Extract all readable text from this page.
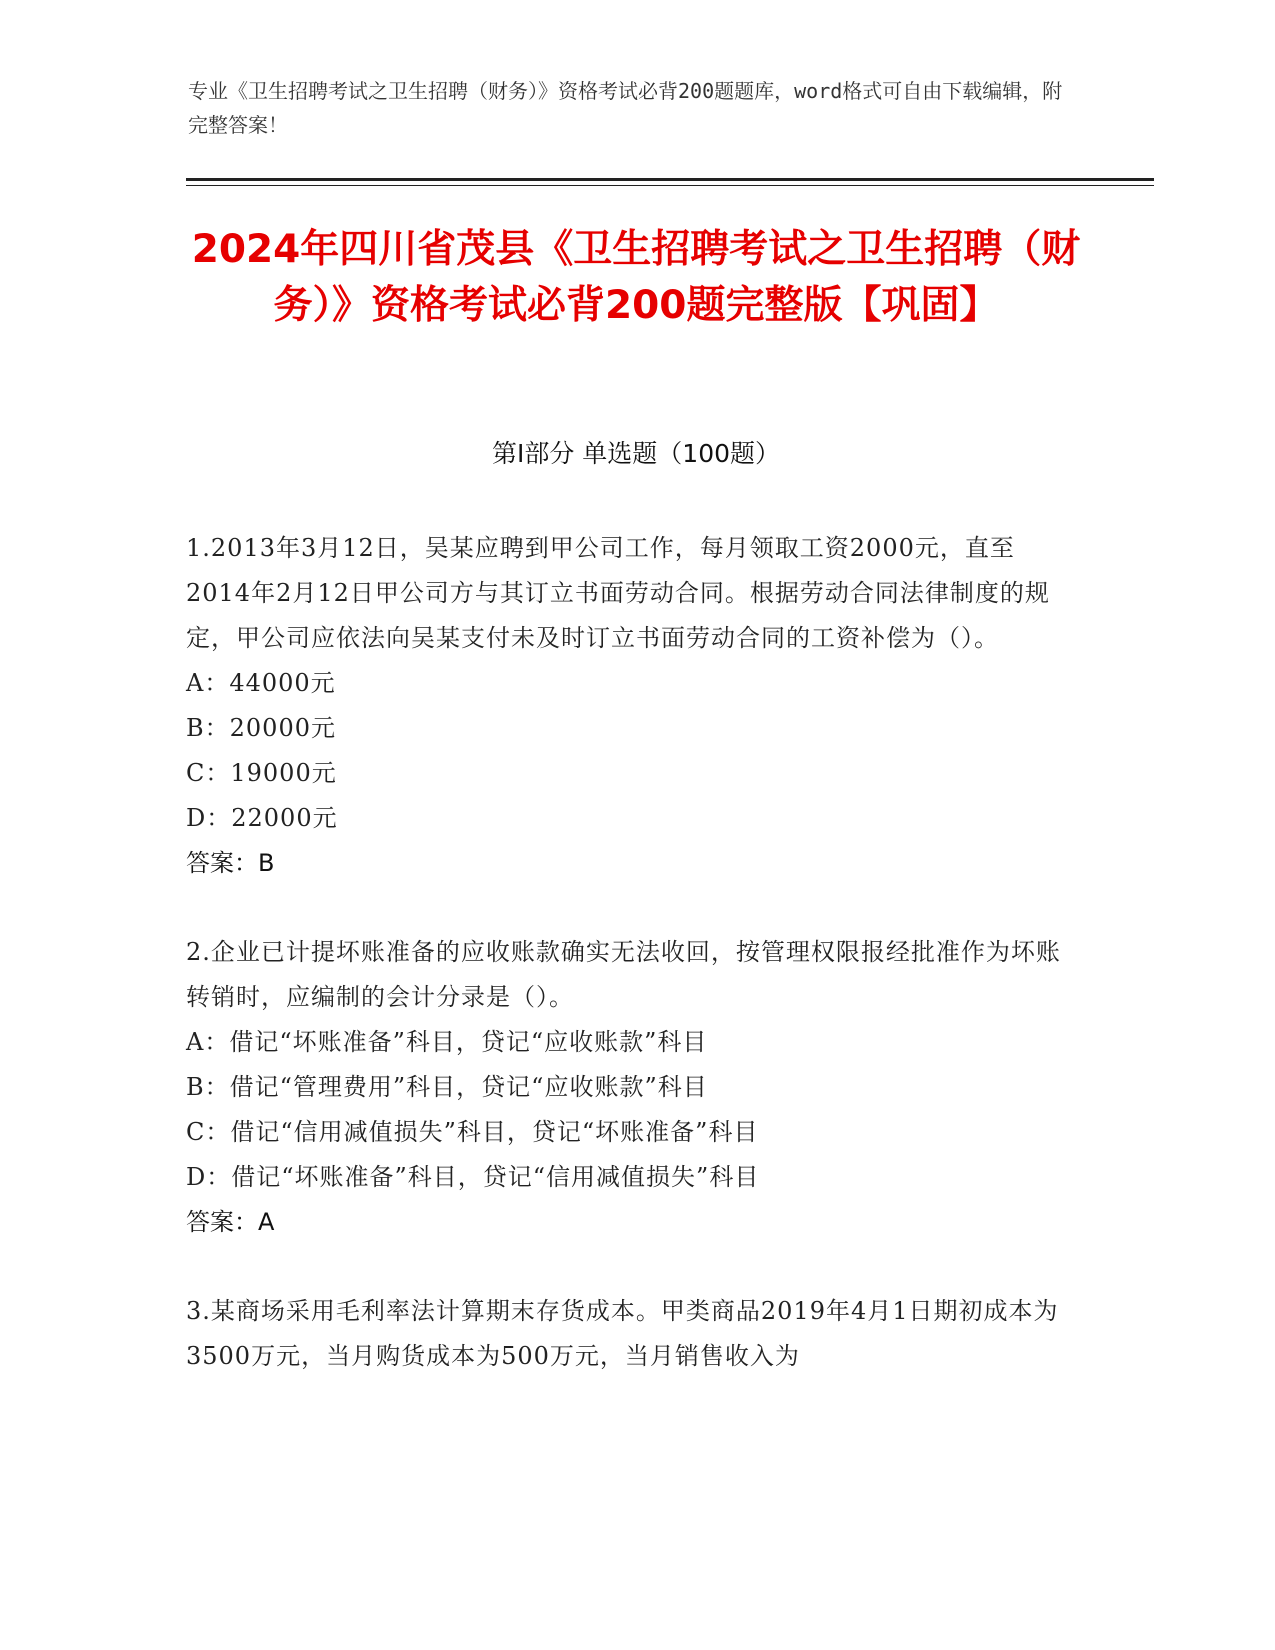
专业《卫生招聘考试之卫生招聘（财务）》资格考试必背200题题库，word格式可自由下载编辑，附完整答案！
2024年四川省茂县《卫生招聘考试之卫生招聘（财务）》资格考试必背200题完整版【巩固】
第I部分 单选题（100题）
1.2013年3月12日，吴某应聘到甲公司工作，每月领取工资2000元，直至2014年2月12日甲公司方与其订立书面劳动合同。根据劳动合同法律制度的规定，甲公司应依法向吴某支付未及时订立书面劳动合同的工资补偿为（）。
A：44000元
B：20000元
C：19000元
D：22000元
答案：B
2.企业已计提坏账准备的应收账款确实无法收回，按管理权限报经批准作为坏账转销时，应编制的会计分录是（）。
A：借记“坏账准备”科目，贷记“应收账款”科目
B：借记“管理费用”科目，贷记“应收账款”科目
C：借记“信用减值损失”科目，贷记“坏账准备”科目
D：借记“坏账准备”科目，贷记“信用减值损失”科目
答案：A
3.某商场采用毛利率法计算期末存货成本。甲类商品2019年4月1日期初成本为3500万元，当月购货成本为500万元，当月销售收入为
